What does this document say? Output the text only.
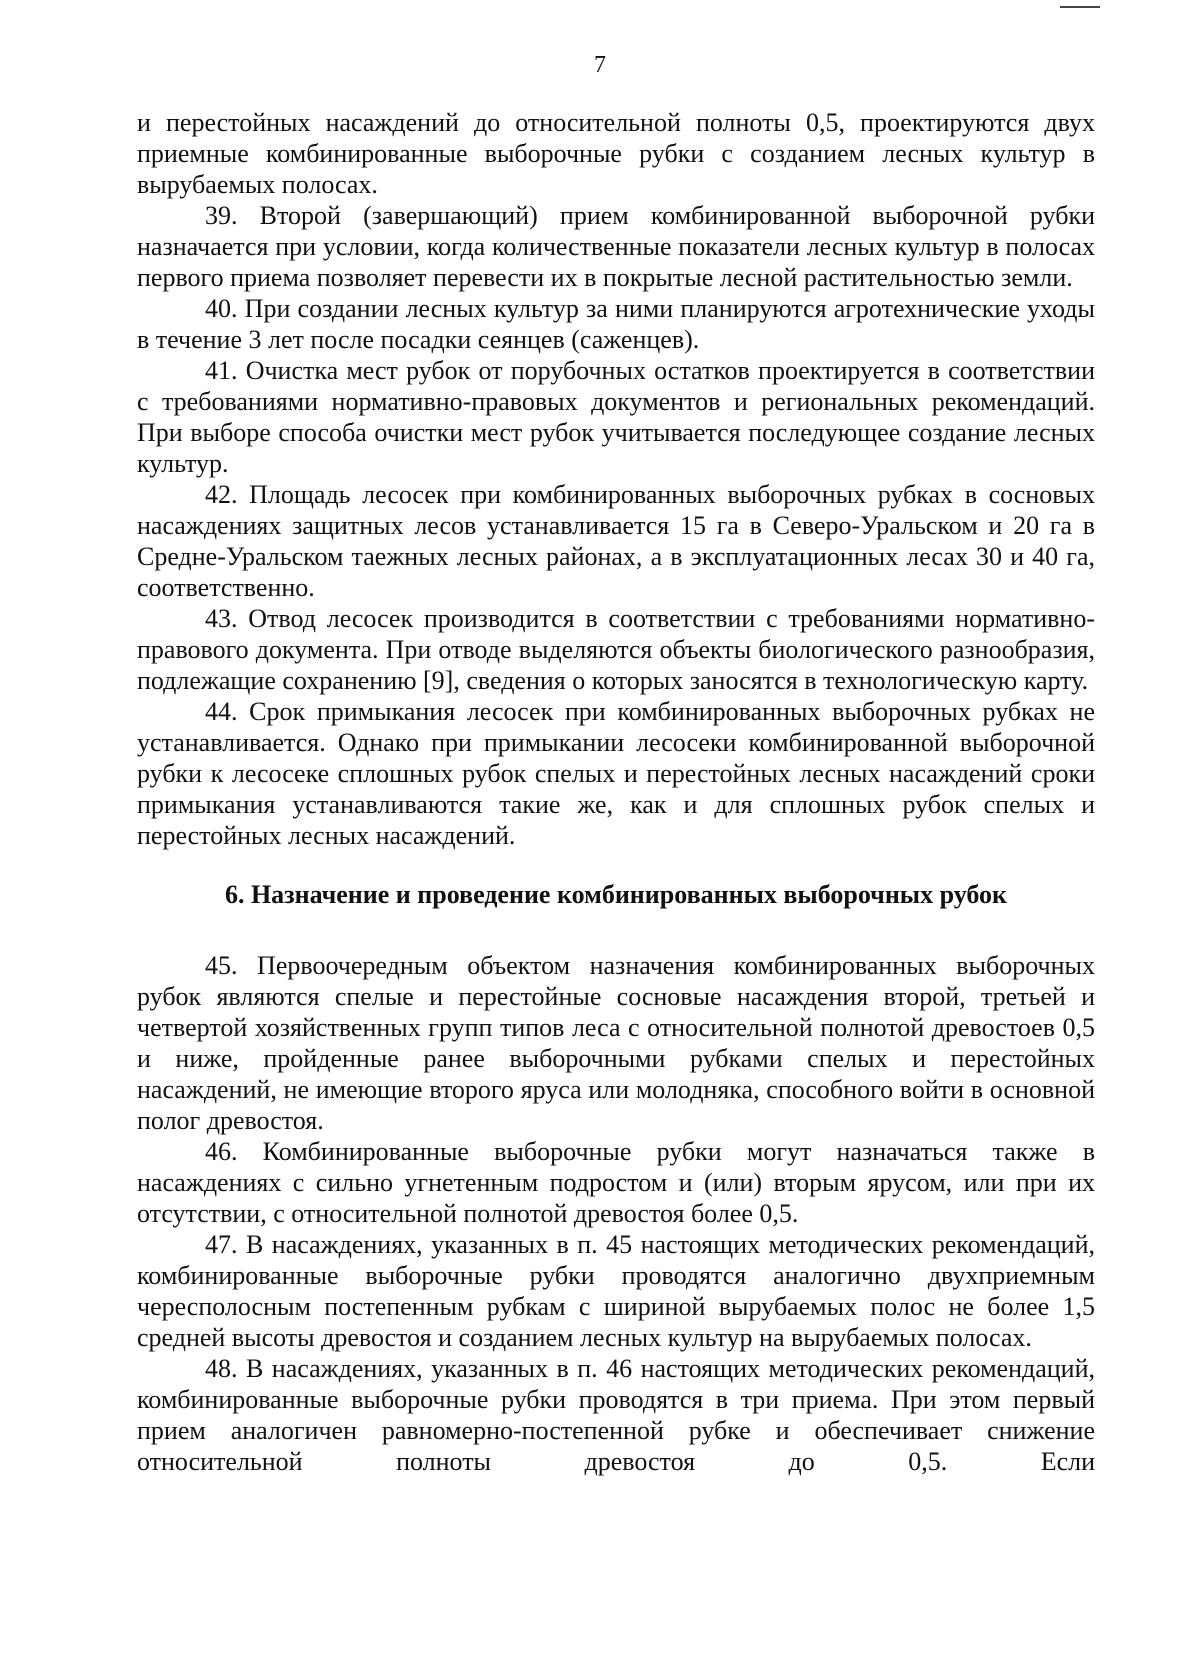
7

и перестойных насаждений до относительной полноты 0,5, проектируются двух приемные комбинированные выборочные рубки с созданием лесных культур в вырубаемых полосах.

39. Второй (завершающий) прием комбинированной выборочной рубки назначается при условии, когда количественные показатели лесных культур в полосах первого приема позволяет перевести их в покрытые лесной растительностью земли.

40. При создании лесных культур за ними планируются агротехнические уходы в течение 3 лет после посадки сеянцев (саженцев).

41. Очистка мест рубок от порубочных остатков проектируется в соответствии с требованиями нормативно-правовых документов и региональных рекомендаций. При выборе способа очистки мест рубок учитывается последующее создание лесных культур.

42. Площадь лесосек при комбинированных выборочных рубках в сосновых насаждениях защитных лесов устанавливается 15 га в Северо-Уральском и 20 га в Средне-Уральском таежных лесных районах, а в эксплуатационных лесах 30 и 40 га, соответственно.

43. Отвод лесосек производится в соответствии с требованиями нормативно-правового документа. При отводе выделяются объекты биологического разнообразия, подлежащие сохранению [9], сведения о которых заносятся в технологическую карту.

44. Срок примыкания лесосек при комбинированных выборочных рубках не устанавливается. Однако при примыкании лесосеки комбинированной выборочной рубки к лесосеке сплошных рубок спелых и перестойных лесных насаждений сроки примыкания устанавливаются такие же, как и для сплошных рубок спелых и перестойных лесных насаждений.

6. Назначение и проведение комбинированных выборочных рубок

45. Первоочередным объектом назначения комбинированных выборочных рубок являются спелые и перестойные сосновые насаждения второй, третьей и четвертой хозяйственных групп типов леса с относительной полнотой древостоев 0,5 и ниже, пройденные ранее выборочными рубками спелых и перестойных насаждений, не имеющие второго яруса или молодняка, способного войти в основной полог древостоя.

46. Комбинированные выборочные рубки могут назначаться также в насаждениях с сильно угнетенным подростом и (или) вторым ярусом, или при их отсутствии, с относительной полнотой древостоя более 0,5.

47. В насаждениях, указанных в п. 45 настоящих методических рекомендаций, комбинированные выборочные рубки проводятся аналогично двухприемным чересполосным постепенным рубкам с шириной вырубаемых полос не более 1,5 средней высоты древостоя и созданием лесных культур на вырубаемых полосах.

48. В насаждениях, указанных в п. 46 настоящих методических рекомендаций, комбинированные выборочные рубки проводятся в три приема. При этом первый прием аналогичен равномерно-постепенной рубке и обеспечивает снижение относительной полноты древостоя до 0,5. Если
